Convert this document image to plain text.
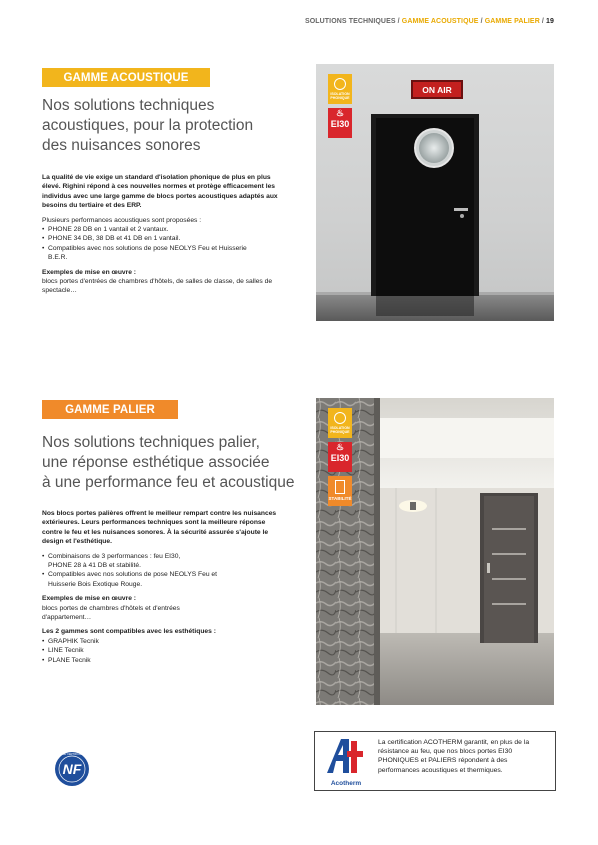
SOLUTIONS TECHNIQUES / GAMME ACOUSTIQUE / GAMME PALIER / 19
GAMME ACOUSTIQUE
Nos solutions techniques
acoustiques, pour la protection
des nuisances sonores

La qualité de vie exige un standard d'isolation phonique de plus en plus élevé. Righini répond à ces nouvelles normes et protège efficacement les individus avec une large gamme de blocs portes acoustiques adaptés aux besoins du tertiaire et des ERP.

Plusieurs performances acoustiques sont proposées :

• PHONE 28 DB en 1 vantail et 2 vantaux.
• PHONE 34 DB, 38 DB et 41 DB en 1 vantail.
• Compatibles avec nos solutions de pose NEOLYS Feu et Huisserie B.E.R.

Exemples de mise en œuvre :

blocs portes d'entrées de chambres d'hôtels, de salles de classe, de salles de spectacle…

ON AIR
ISOLATION PHONIQUE
♨
EI30
GAMME PALIER
Nos solutions techniques palier,
une réponse esthétique associée
à une performance feu et acoustique

Nos blocs portes palières offrent le meilleur rempart contre les nuisances extérieures. Leurs performances techniques sont la meilleure réponse contre le feu et les nuisances sonores. À la sécurité assurée s'ajoute le design et l'esthétique.

• Combinaisons de 3 performances : feu EI30, PHONE 28 à 41 DB et stabilité.
• Compatibles avec nos solutions de pose NEOLYS Feu et Huisserie Bois Exotique Rouge.

Exemples de mise en œuvre :

blocs portes de chambres d'hôtels et d'entrées d'appartement…

Les 2 gammes sont compatibles avec les esthétiques :

• GRAPHIK Tecnik
• LINE Tecnik
• PLANE Tecnik
ISOLATION PHONIQUE
♨
EI30
STABILITÉ
NF
AFNOR CERTIFICATION
Acotherm
La certification ACOTHERM garantit, en plus de la résistance au feu, que nos blocs portes EI30 PHONIQUES et PALIERS répondent à des performances acoustiques et thermiques.
